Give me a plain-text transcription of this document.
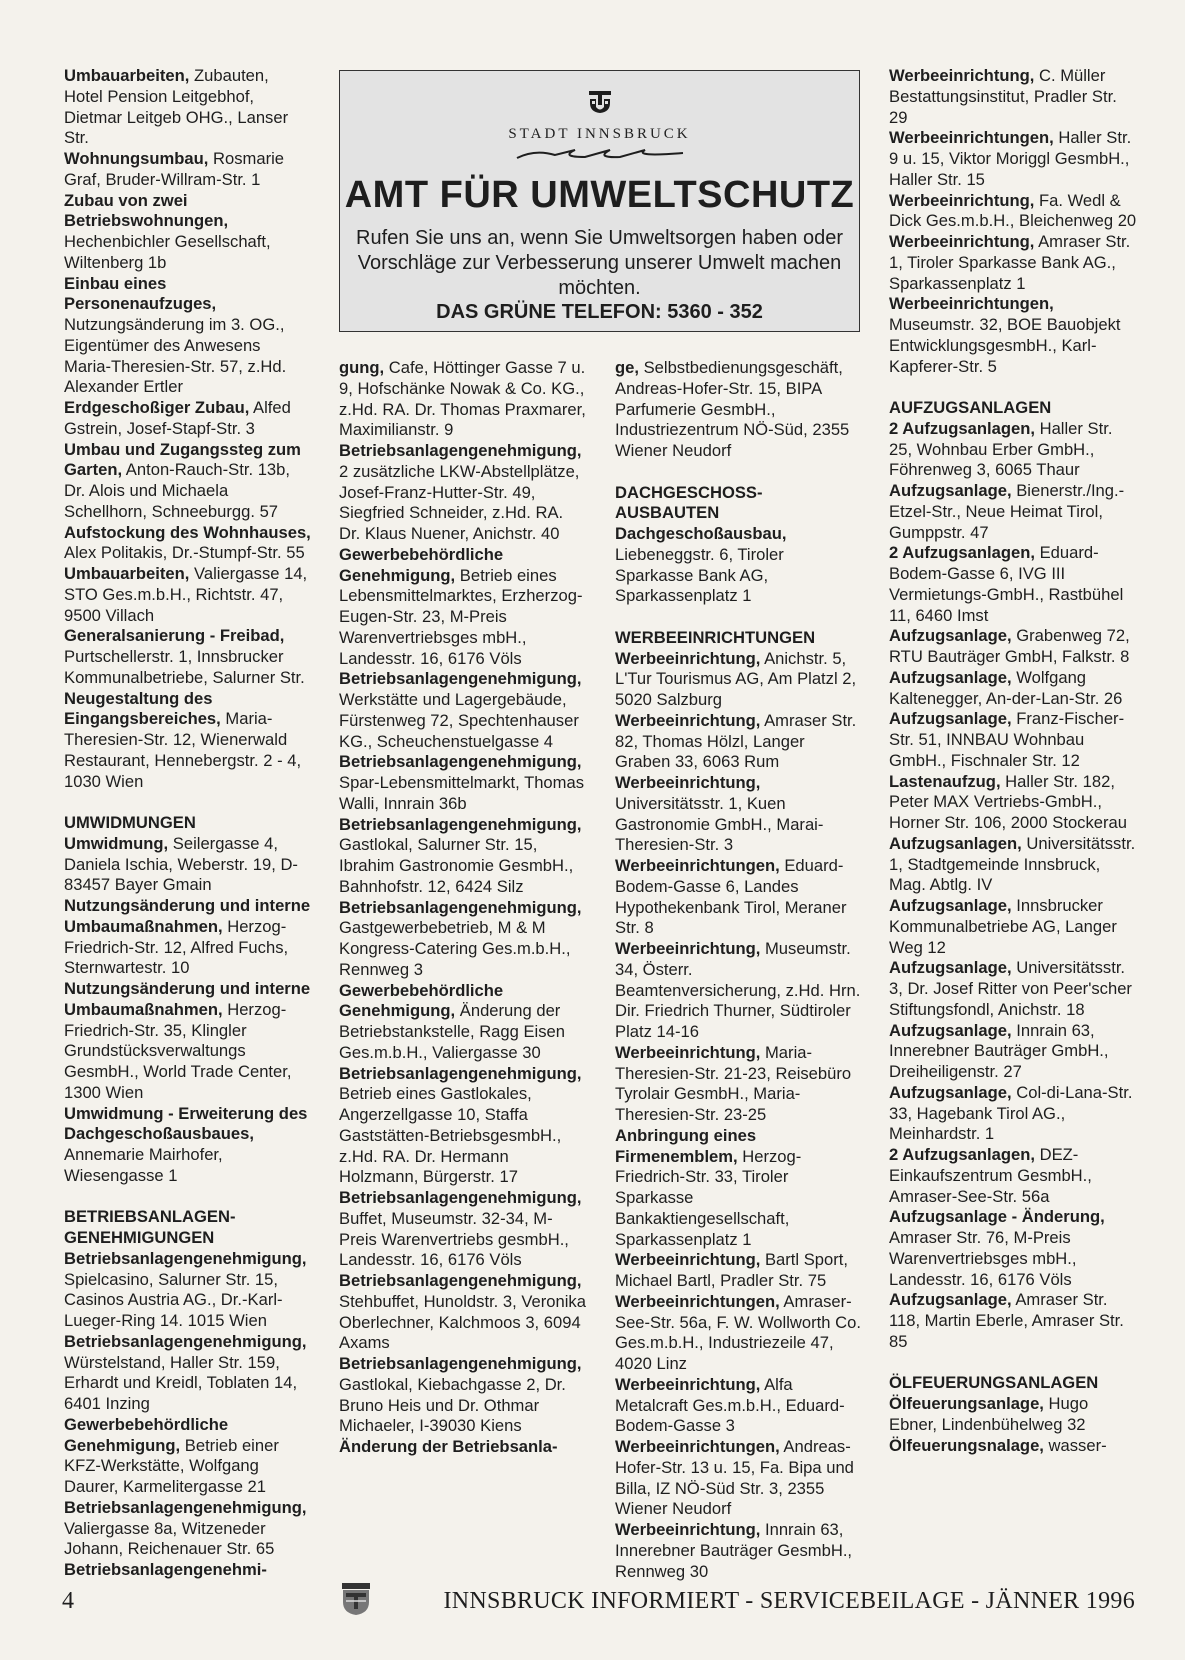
Umbauarbeiten, Zubauten, Hotel Pension Leitgebhof, Dietmar Leitgeb OHG., Lanser Str.

Wohnungsumbau, Rosmarie Graf, Bruder-Willram-Str. 1

Zubau von zwei Betriebswohnungen, Hechenbichler Gesellschaft, Wiltenberg 1b

Einbau eines Personenaufzuges, Nutzungsänderung im 3. OG., Eigentümer des Anwesens Maria-Theresien-Str. 57, z.Hd. Alexander Ertler

Erdgeschoßiger Zubau, Alfed Gstrein, Josef-Stapf-Str. 3

Umbau und Zugangssteg zum Garten, Anton-Rauch-Str. 13b, Dr. Alois und Michaela Schellhorn, Schneeburgg. 57

Aufstockung des Wohnhauses, Alex Politakis, Dr.-Stumpf-Str. 55

Umbauarbeiten, Valiergasse 14, STO Ges.m.b.H., Richtstr. 47, 9500 Villach

Generalsanierung - Freibad, Purtschellerstr. 1, Innsbrucker Kommunalbetriebe, Salurner Str.

Neugestaltung des Eingangsbereiches, Maria-Theresien-Str. 12, Wienerwald Restaurant, Hennebergstr. 2 - 4, 1030 Wien

UMWIDMUNGEN

Umwidmung, Seilergasse 4, Daniela Ischia, Weberstr. 19, D-83457 Bayer Gmain

Nutzungsänderung und interne Umbaumaßnahmen, Herzog-Friedrich-Str. 12, Alfred Fuchs, Sternwartestr. 10

Nutzungsänderung und interne Umbaumaßnahmen, Herzog-Friedrich-Str. 35, Klingler Grundstücksverwaltungs GesmbH., World Trade Center, 1300 Wien

Umwidmung - Erweiterung des Dachgeschoßausbaues, Annemarie Mairhofer, Wiesengasse 1

BETRIEBSANLAGEN-GENEHMIGUNGEN

Betriebsanlagengenehmigung, Spielcasino, Salurner Str. 15, Casinos Austria AG., Dr.-Karl-Lueger-Ring 14. 1015 Wien

Betriebsanlagengenehmigung, Würstelstand, Haller Str. 159, Erhardt und Kreidl, Toblaten 14, 6401 Inzing

Gewerbebehördliche Genehmigung, Betrieb einer KFZ-Werkstätte, Wolfgang Daurer, Karmelitergasse 21

Betriebsanlagengenehmigung, Valiergasse 8a, Witzeneder Johann, Reichenauer Str. 65

Betriebsanlagengenehmi-

STADT INNSBRUCK
AMT FÜR UMWELTSCHUTZ
Rufen Sie uns an, wenn Sie Umweltsorgen haben oder Vorschläge zur Verbesserung unserer Umwelt machen möchten.
DAS GRÜNE TELEFON: 5360 - 352

gung, Cafe, Höttinger Gasse 7 u. 9, Hofschänke Nowak & Co. KG., z.Hd. RA. Dr. Thomas Praxmarer, Maximilianstr. 9

Betriebsanlagengenehmigung, 2 zusätzliche LKW-Abstellplätze, Josef-Franz-Hutter-Str. 49, Siegfried Schneider, z.Hd. RA. Dr. Klaus Nuener, Anichstr. 40

Gewerbebehördliche Genehmigung, Betrieb eines Lebensmittelmarktes, Erzherzog-Eugen-Str. 23, M-Preis Warenvertriebsges mbH., Landesstr. 16, 6176 Völs

Betriebsanlagengenehmigung, Werkstätte und Lagergebäude, Fürstenweg 72, Spechtenhauser KG., Scheuchenstuelgasse 4

Betriebsanlagengenehmigung, Spar-Lebensmittelmarkt, Thomas Walli, Innrain 36b

Betriebsanlagengenehmigung, Gastlokal, Salurner Str. 15, Ibrahim Gastronomie GesmbH., Bahnhofstr. 12, 6424 Silz

Betriebsanlagengenehmigung, Gastgewerbebetrieb, M & M Kongress-Catering Ges.m.b.H., Rennweg 3

Gewerbebehördliche Genehmigung, Änderung der Betriebstankstelle, Ragg Eisen Ges.m.b.H., Valiergasse 30

Betriebsanlagengenehmigung, Betrieb eines Gastlokales, Angerzellgasse 10, Staffa Gaststätten-BetriebsgesmbH., z.Hd. RA. Dr. Hermann Holzmann, Bürgerstr. 17

Betriebsanlagengenehmigung, Buffet, Museumstr. 32-34, M-Preis Warenvertriebs gesmbH., Landesstr. 16, 6176 Völs

Betriebsanlagengenehmigung, Stehbuffet, Hunoldstr. 3, Veronika Oberlechner, Kalchmoos 3, 6094 Axams

Betriebsanlagengenehmigung, Gastlokal, Kiebachgasse 2, Dr. Bruno Heis und Dr. Othmar Michaeler, I-39030 Kiens

Änderung der Betriebsanla-

ge, Selbstbedienungsgeschäft, Andreas-Hofer-Str. 15, BIPA Parfumerie GesmbH., Industriezentrum NÖ-Süd, 2355 Wiener Neudorf

DACHGESCHOSS-AUSBAUTEN

Dachgeschoßausbau, Liebeneggstr. 6, Tiroler Sparkasse Bank AG, Sparkassenplatz 1

WERBEEINRICHTUNGEN

Werbeeinrichtung, Anichstr. 5, L'Tur Tourismus AG, Am Platzl 2, 5020 Salzburg

Werbeeinrichtung, Amraser Str. 82, Thomas Hölzl, Langer Graben 33, 6063 Rum

Werbeeinrichtung, Universitätsstr. 1, Kuen Gastronomie GmbH., Marai-Theresien-Str. 3

Werbeeinrichtungen, Eduard-Bodem-Gasse 6, Landes Hypothekenbank Tirol, Meraner Str. 8

Werbeeinrichtung, Museumstr. 34, Österr. Beamtenversicherung, z.Hd. Hrn. Dir. Friedrich Thurner, Südtiroler Platz 14-16

Werbeeinrichtung, Maria-Theresien-Str. 21-23, Reisebüro Tyrolair GesmbH., Maria-Theresien-Str. 23-25

Anbringung eines Firmenemblem, Herzog-Friedrich-Str. 33, Tiroler Sparkasse Bankaktiengesellschaft, Sparkassenplatz 1

Werbeeinrichtung, Bartl Sport, Michael Bartl, Pradler Str. 75

Werbeeinrichtungen, Amraser-See-Str. 56a, F. W. Wollworth Co. Ges.m.b.H., Industriezeile 47, 4020 Linz

Werbeeinrichtung, Alfa Metalcraft Ges.m.b.H., Eduard-Bodem-Gasse 3

Werbeeinrichtungen, Andreas-Hofer-Str. 13 u. 15, Fa. Bipa und Billa, IZ NÖ-Süd Str. 3, 2355 Wiener Neudorf

Werbeeinrichtung, Innrain 63, Innerebner Bauträger GesmbH., Rennweg 30

Werbeeinrichtung, C. Müller Bestattungsinstitut, Pradler Str. 29

Werbeeinrichtungen, Haller Str. 9 u. 15, Viktor Moriggl GesmbH., Haller Str. 15

Werbeeinrichtung, Fa. Wedl & Dick Ges.m.b.H., Bleichenweg 20

Werbeeinrichtung, Amraser Str. 1, Tiroler Sparkasse Bank AG., Sparkassenplatz 1

Werbeeinrichtungen, Museumstr. 32, BOE Bauobjekt EntwicklungsgesmbH., Karl-Kapferer-Str. 5

AUFZUGSANLAGEN

2 Aufzugsanlagen, Haller Str. 25, Wohnbau Erber GmbH., Föhrenweg 3, 6065 Thaur

Aufzugsanlage, Bienerstr./Ing.-Etzel-Str., Neue Heimat Tirol, Gumppstr. 47

2 Aufzugsanlagen, Eduard-Bodem-Gasse 6, IVG III Vermietungs-GmbH., Rastbühel 11, 6460 Imst

Aufzugsanlage, Grabenweg 72, RTU Bauträger GmbH, Falkstr. 8

Aufzugsanlage, Wolfgang Kaltenegger, An-der-Lan-Str. 26

Aufzugsanlage, Franz-Fischer-Str. 51, INNBAU Wohnbau GmbH., Fischnaler Str. 12

Lastenaufzug, Haller Str. 182, Peter MAX Vertriebs-GmbH., Horner Str. 106, 2000 Stockerau

Aufzugsanlagen, Universitätsstr. 1, Stadtgemeinde Innsbruck, Mag. Abtlg. IV

Aufzugsanlage, Innsbrucker Kommunalbetriebe AG, Langer Weg 12

Aufzugsanlage, Universitätsstr. 3, Dr. Josef Ritter von Peer'scher Stiftungsfondl, Anichstr. 18

Aufzugsanlage, Innrain 63, Innerebner Bauträger GmbH., Dreiheiligenstr. 27

Aufzugsanlage, Col-di-Lana-Str. 33, Hagebank Tirol AG., Meinhardstr. 1

2 Aufzugsanlagen, DEZ-Einkaufszentrum GesmbH., Amraser-See-Str. 56a

Aufzugsanlage - Änderung, Amraser Str. 76, M-Preis Warenvertriebsges mbH., Landesstr. 16, 6176 Völs

Aufzugsanlage, Amraser Str. 118, Martin Eberle, Amraser Str. 85

ÖLFEUERUNGSANLAGEN

Ölfeuerungsanlage, Hugo Ebner, Lindenbühelweg 32

Ölfeuerungsnalage, wasser-

4	INNSBRUCK INFORMIERT - SERVICEBEILAGE - JÄNNER 1996
